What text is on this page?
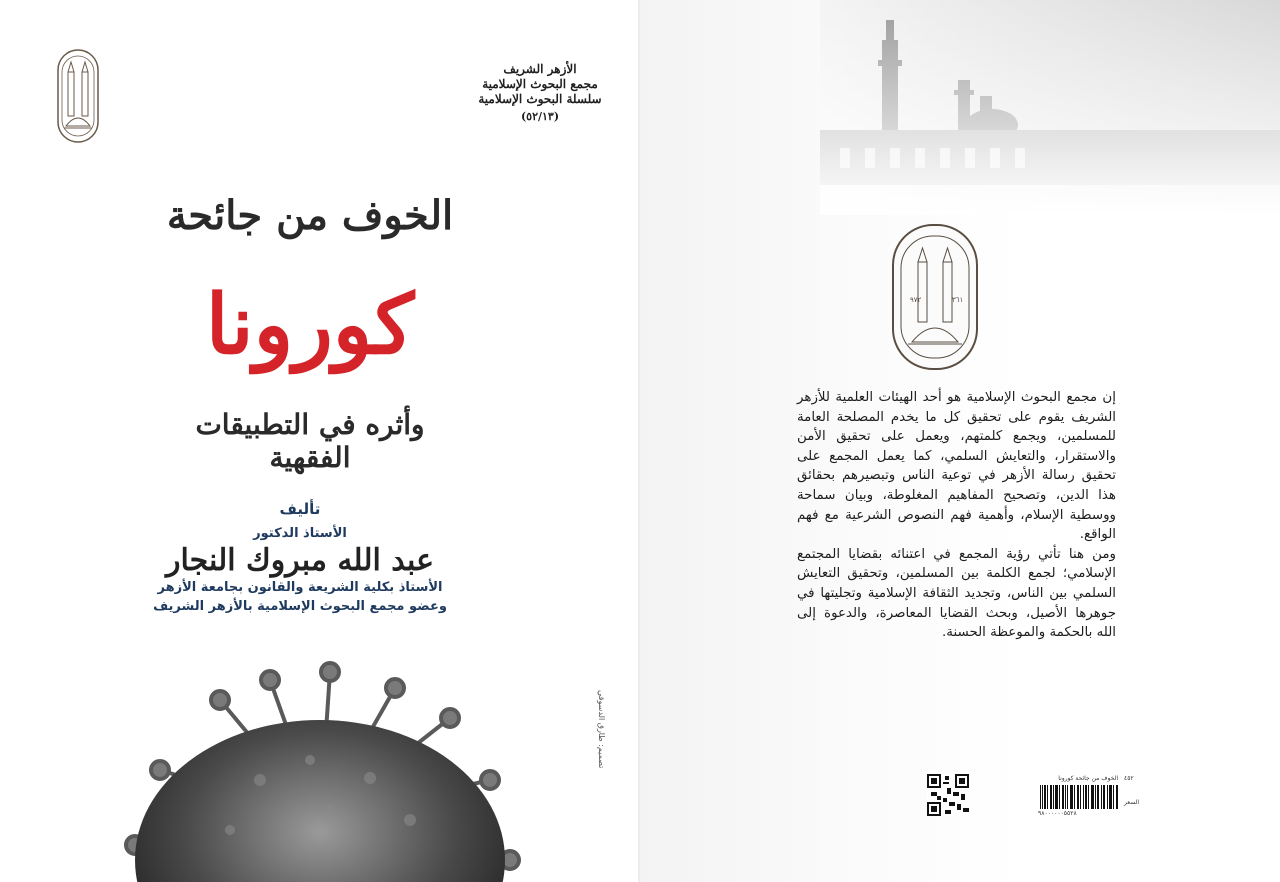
الأزهر الشريف
مجمع البحوث الإسلامية
سلسلة البحوث الإسلامية
(٥٢/١٣)
الخوف من جائحة
كورونا
وأثره في التطبيقات الفقهية
تأليف
الأستاذ الدكتور
عبد الله مبروك النجار
الأستاذ بكلية الشريعة والقانون بجامعة الأزهر
وعضو مجمع البحوث الإسلامية بالأزهر الشريف
تصميم: طارق الدسوقي
٩٧٢	٣٦١

إن مجمع البحوث الإسلامية هو أحد الهيئات العلمية للأزهر الشريف يقوم على تحقيق كل ما يخدم المصلحة العامة للمسلمين، ويجمع كلمتهم، ويعمل على تحقيق الأمن والاستقرار، والتعايش السلمي، كما يعمل المجمع على تحقيق رسالة الأزهر في توعية الناس وتبصيرهم بحقائق هذا الدين، وتصحيح المفاهيم المغلوطة، وبيان سماحة ووسطية الإسلام، وأهمية فهم النصوص الشرعية مع فهم الواقع.

ومن هنا تأتي رؤية المجمع في اعتنائه بقضايا المجتمع الإسلامي؛ لجمع الكلمة بين المسلمين، وتحقيق التعايش السلمي بين الناس، وتجديد الثقافة الإسلامية وتجليتها في جوهرها الأصيل، وبحث القضايا المعاصرة، والدعوة إلى الله بالحكمة والموعظة الحسنة.

الخوف من جائحة كورونا ٤٥٢
السعر
٩٨٠٠٠٠٠٠٥٥٢٨
